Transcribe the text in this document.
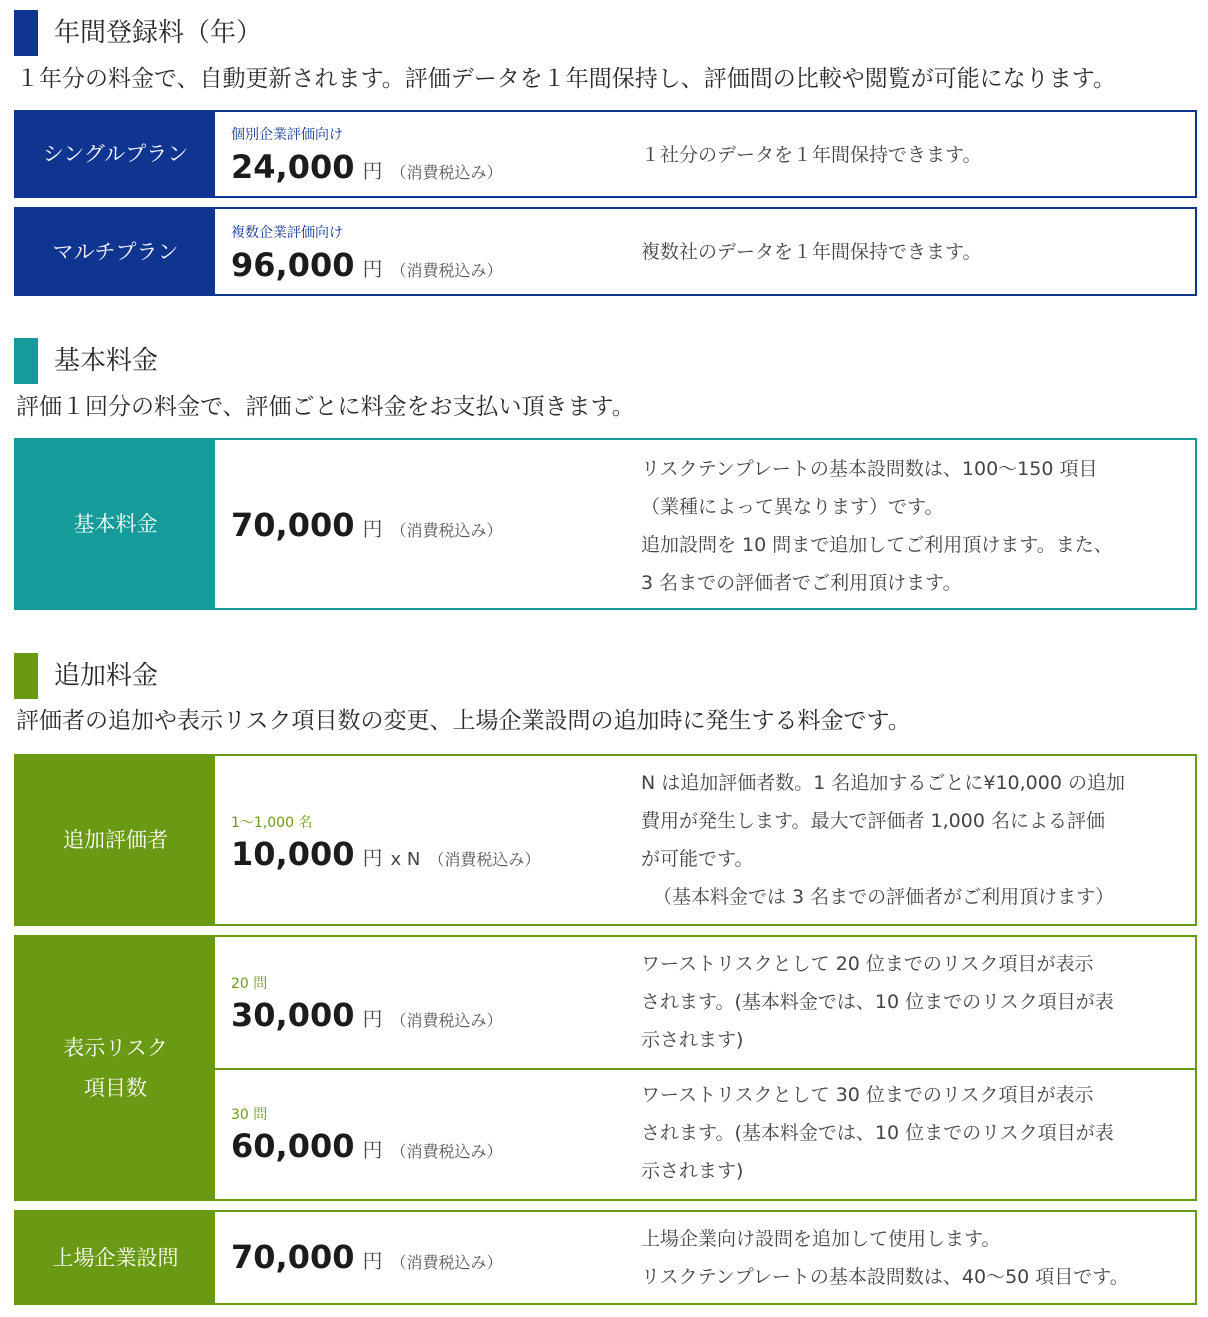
年間登録料（年）
１年分の料金で、自動更新されます。評価データを１年間保持し、評価間の比較や閲覧が可能になります。
シングルプラン
個別企業評価向け
24,000 円 （消費税込み）
１社分のデータを１年間保持できます。
マルチプラン
複数企業評価向け
96,000 円 （消費税込み）
複数社のデータを１年間保持できます。
基本料金
評価１回分の料金で、評価ごとに料金をお支払い頂きます。
基本料金	70,000 円 （消費税込み）
リスクテンプレートの基本設問数は、100〜150 項目
（業種によって異なります）です。
追加設問を 10 問まで追加してご利用頂けます。また、
3 名までの評価者でご利用頂けます。
追加料金
評価者の追加や表示リスク項目数の変更、上場企業設問の追加時に発生する料金です。
追加評価者
1〜1,000 名
10,000 円 x N （消費税込み）
N は追加評価者数。1 名追加するごとに¥10,000 の追加
費用が発生します。最大で評価者 1,000 名による評価
が可能です。
（基本料金では 3 名までの評価者がご利用頂けます）
表示リスク
項目数
20 問
30,000 円 （消費税込み）
ワーストリスクとして 20 位までのリスク項目が表示
されます。(基本料金では、10 位までのリスク項目が表
示されます)
30 問
60,000 円 （消費税込み）
ワーストリスクとして 30 位までのリスク項目が表示
されます。(基本料金では、10 位までのリスク項目が表
示されます)
上場企業設問	70,000 円 （消費税込み）
上場企業向け設問を追加して使用します。
リスクテンプレートの基本設問数は、40〜50 項目です。
